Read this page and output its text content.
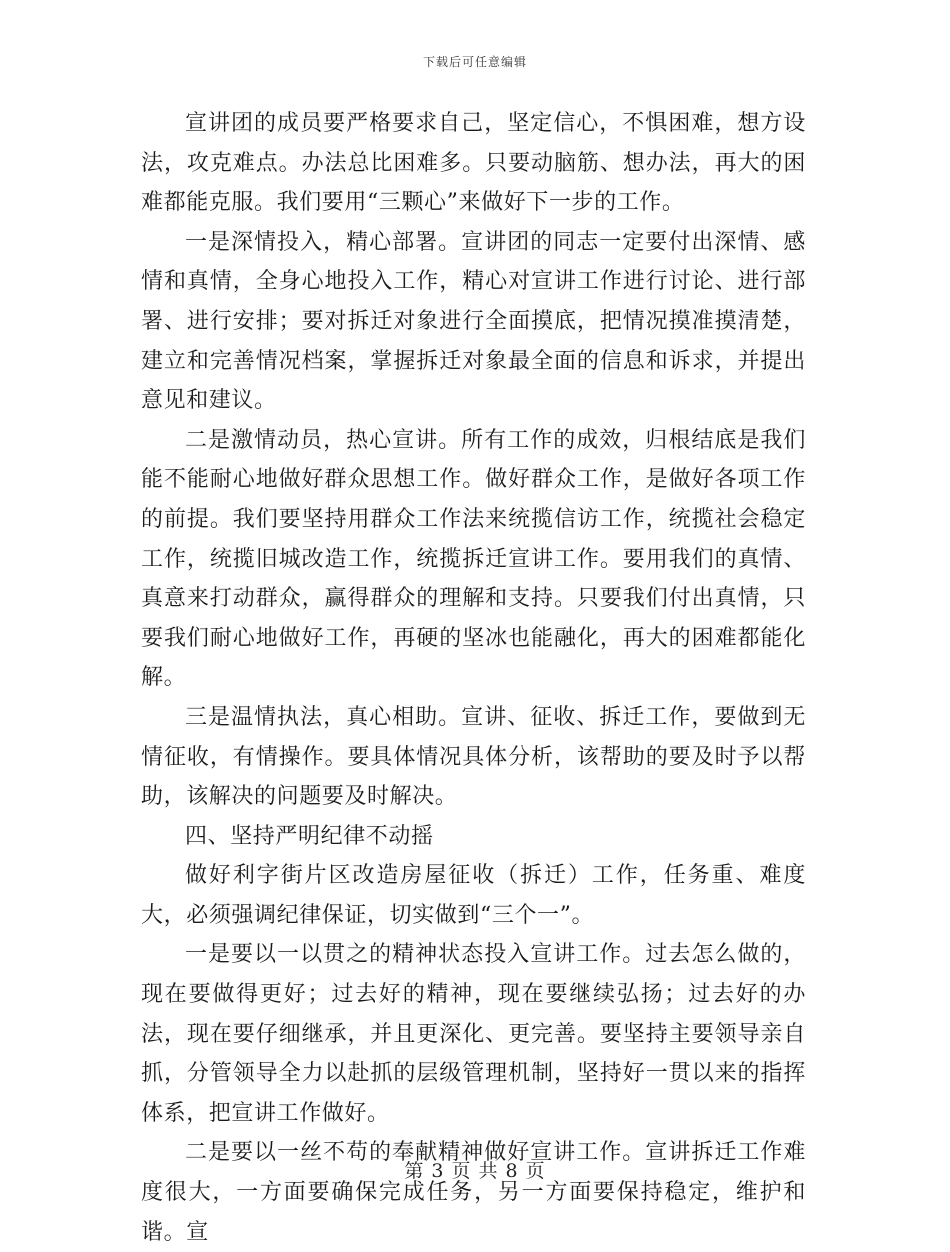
下载后可任意编辑

宣讲团的成员要严格要求自己，坚定信心，不惧困难，想方设法，攻克难点。办法总比困难多。只要动脑筋、想办法，再大的困难都能克服。我们要用“三颗心”来做好下一步的工作。

一是深情投入，精心部署。宣讲团的同志一定要付出深情、感情和真情，全身心地投入工作，精心对宣讲工作进行讨论、进行部署、进行安排；要对拆迁对象进行全面摸底，把情况摸准摸清楚，建立和完善情况档案，掌握拆迁对象最全面的信息和诉求，并提出意见和建议。

二是激情动员，热心宣讲。所有工作的成效，归根结底是我们能不能耐心地做好群众思想工作。做好群众工作，是做好各项工作的前提。我们要坚持用群众工作法来统揽信访工作，统揽社会稳定工作，统揽旧城改造工作，统揽拆迁宣讲工作。要用我们的真情、真意来打动群众，赢得群众的理解和支持。只要我们付出真情，只要我们耐心地做好工作，再硬的坚冰也能融化，再大的困难都能化解。

三是温情执法，真心相助。宣讲、征收、拆迁工作，要做到无情征收，有情操作。要具体情况具体分析，该帮助的要及时予以帮助，该解决的问题要及时解决。

四、坚持严明纪律不动摇

做好利字街片区改造房屋征收（拆迁）工作，任务重、难度大，必须强调纪律保证，切实做到“三个一”。

一是要以一以贯之的精神状态投入宣讲工作。过去怎么做的，现在要做得更好；过去好的精神，现在要继续弘扬；过去好的办法，现在要仔细继承，并且更深化、更完善。要坚持主要领导亲自抓，分管领导全力以赴抓的层级管理机制，坚持好一贯以来的指挥体系，把宣讲工作做好。

二是要以一丝不苟的奉献精神做好宣讲工作。宣讲拆迁工作难度很大，一方面要确保完成任务，另一方面要保持稳定，维护和谐。宣

第 3 页 共 8 页
